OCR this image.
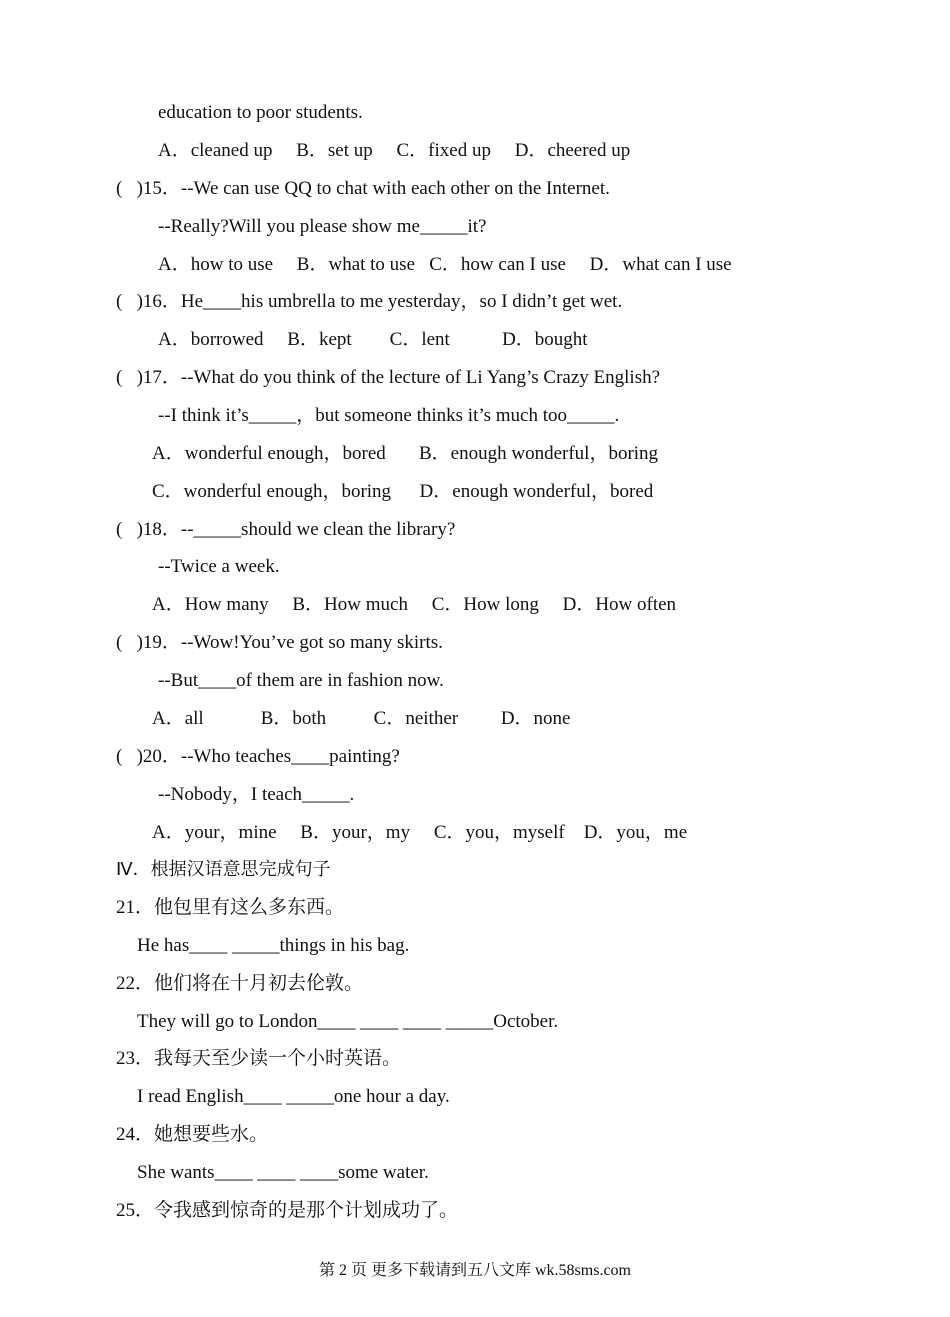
education to poor students.
A．cleaned up     B．set up     C．fixed up     D．cheered up
(   )15．--We can use QQ to chat with each other on the Internet.
--Really?Will you please show me_____it?
A．how to use     B．what to use   C．how can I use     D．what can I use
(   )16．He____his umbrella to me yesterday，so I didn’t get wet.
A．borrowed     B．kept        C．lent           D．bought
(   )17．--What do you think of the lecture of Li Yang’s Crazy English?
--I think it’s_____，but someone thinks it’s much too_____.
A．wonderful enough，bored       B．enough wonderful，boring
C．wonderful enough，boring      D．enough wonderful，bored
(   )18．--_____should we clean the library?
--Twice a week.
A．How many     B．How much     C．How long     D．How often
(   )19．--Wow!You’ve got so many skirts.
--But____of them are in fashion now.
A．all            B．both          C．neither         D．none
(   )20．--Who teaches____painting?
--Nobody，I teach_____.
A．your，mine     B．your，my     C．you，myself    D．you，me
Ⅳ．根据汉语意思完成句子
21．他包里有这么多东西。
He has____ _____things in his bag.
22．他们将在十月初去伦敦。
They will go to London____ ____ ____ _____October.
23．我每天至少读一个小时英语。
I read English____ _____one hour a day.
24．她想要些水。
She wants____ ____ ____some water.
25．令我感到惊奇的是那个计划成功了。
第 2 页 更多下载请到五八文库 wk.58sms.com
